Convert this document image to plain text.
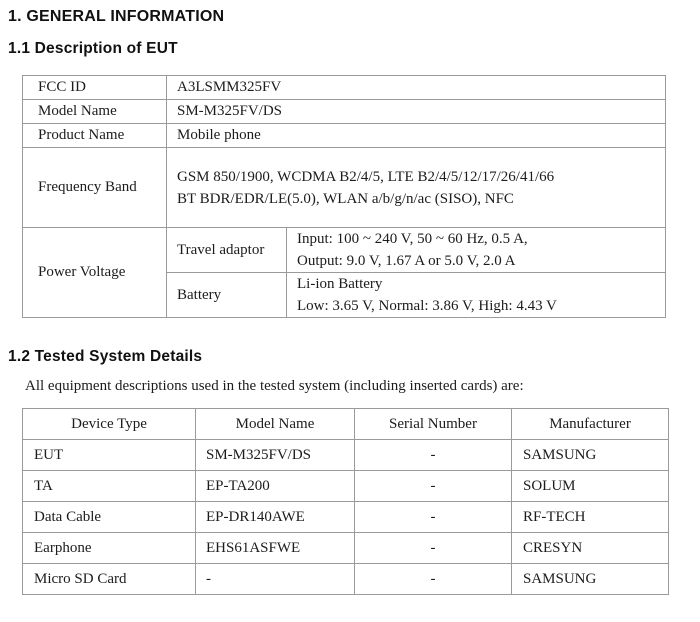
1. GENERAL INFORMATION
1.1 Description of EUT
FCC ID	A3LSMM325FV	
Model Name	SM-M325FV/DS	
Product Name	Mobile phone	
Frequency Band	GSM 850/1900, WCDMA B2/4/5, LTE B2/4/5/12/17/26/41/66
BT BDR/EDR/LE(5.0), WLAN a/b/g/n/ac (SISO), NFC	

Power Voltage	Travel adaptor	Input: 100 ~ 240 V, 50 ~ 60 Hz, 0.5 A,
Output: 9.0 V, 1.67 A or 5.0 V, 2.0 A

	Battery	Li-ion Battery
Low: 3.65 V, Normal: 3.86 V, High: 4.43 V
1.2 Tested System Details

All equipment descriptions used in the tested system (including inserted cards) are:

Device Type	Model Name	Serial Number	Manufacturer
EUT	SM-M325FV/DS	-	SAMSUNG
TA	EP-TA200	-	SOLUM
Data Cable	EP-DR140AWE	-	RF-TECH
Earphone	EHS61ASFWE	-	CRESYN
Micro SD Card	-	-	SAMSUNG
